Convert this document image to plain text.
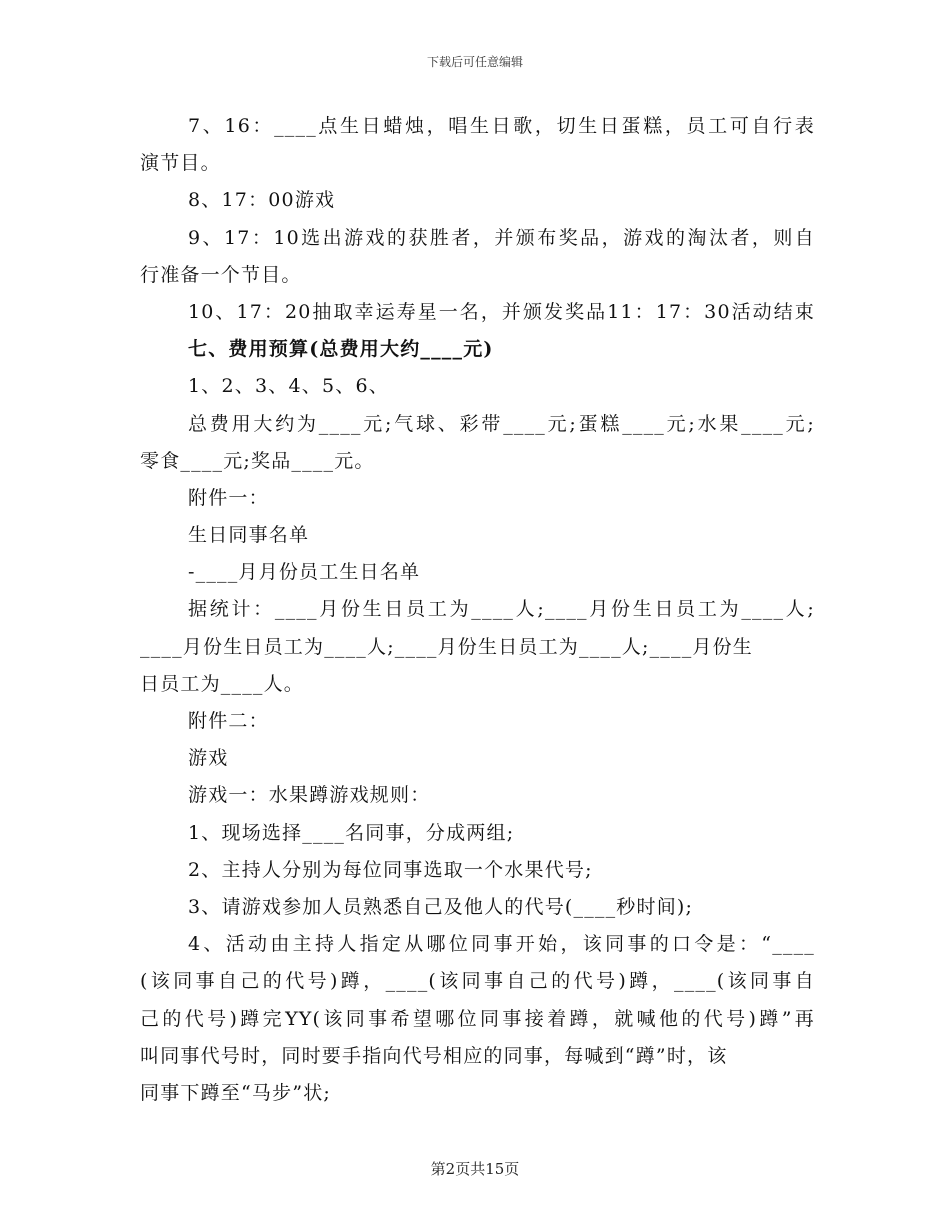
下载后可任意编辑
7、16：____点生日蜡烛，唱生日歌，切生日蛋糕，员工可自行表
演节目。
8、17：00游戏
9、17：10选出游戏的获胜者，并颁布奖品，游戏的淘汰者，则自
行准备一个节目。
10、17：20抽取幸运寿星一名，并颁发奖品11：17：30活动结束
七、费用预算(总费用大约____元)
1、2、3、4、5、6、
总费用大约为____元;气球、彩带____元;蛋糕____元;水果____元;
零食____元;奖品____元。
附件一：
生日同事名单
-____月月份员工生日名单
据统计：____月份生日员工为____人;____月份生日员工为____人;
____月份生日员工为____人;____月份生日员工为____人;____月份生
日员工为____人。
附件二：
游戏
游戏一：水果蹲游戏规则：
1、现场选择____名同事，分成两组;
2、主持人分别为每位同事选取一个水果代号;
3、请游戏参加人员熟悉自己及他人的代号(____秒时间);
4、活动由主持人指定从哪位同事开始，该同事的口令是：“____
(该同事自己的代号)蹲，____(该同事自己的代号)蹲，____(该同事自
己的代号)蹲完YY(该同事希望哪位同事接着蹲，就喊他的代号)蹲”再
叫同事代号时，同时要手指向代号相应的同事，每喊到“蹲”时，该
同事下蹲至“马步”状;
第2页共15页
